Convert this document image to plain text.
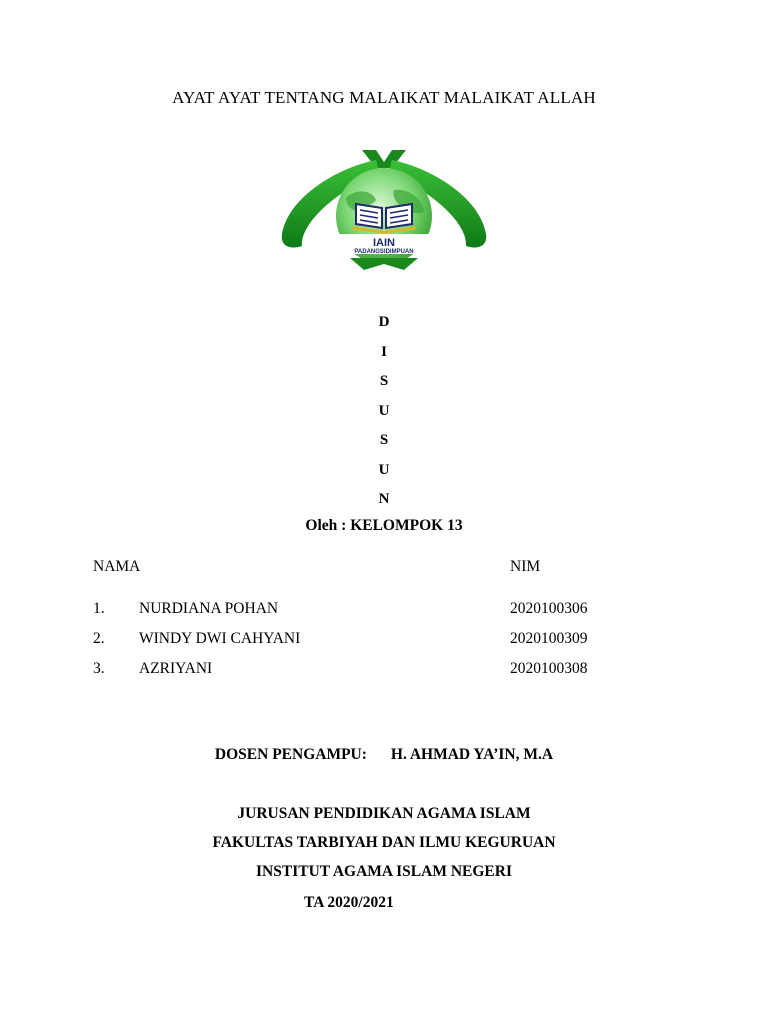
AYAT AYAT TENTANG MALAIKAT MALAIKAT ALLAH
IAIN
PADANGSIDIMPUAN
D
I
S
U
S
U
N
Oleh : KELOMPOK 13
NAMA	NIM
1. NURDIANA POHAN	2020100306
2. WINDY DWI CAHYANI	2020100309
3. AZRIYANI	2020100308
DOSEN PENGAMPU: H. AHMAD YA’IN, M.A
JURUSAN PENDIDIKAN AGAMA ISLAM
FAKULTAS TARBIYAH DAN ILMU KEGURUAN
INSTITUT AGAMA ISLAM NEGERI
TA 2020/2021
